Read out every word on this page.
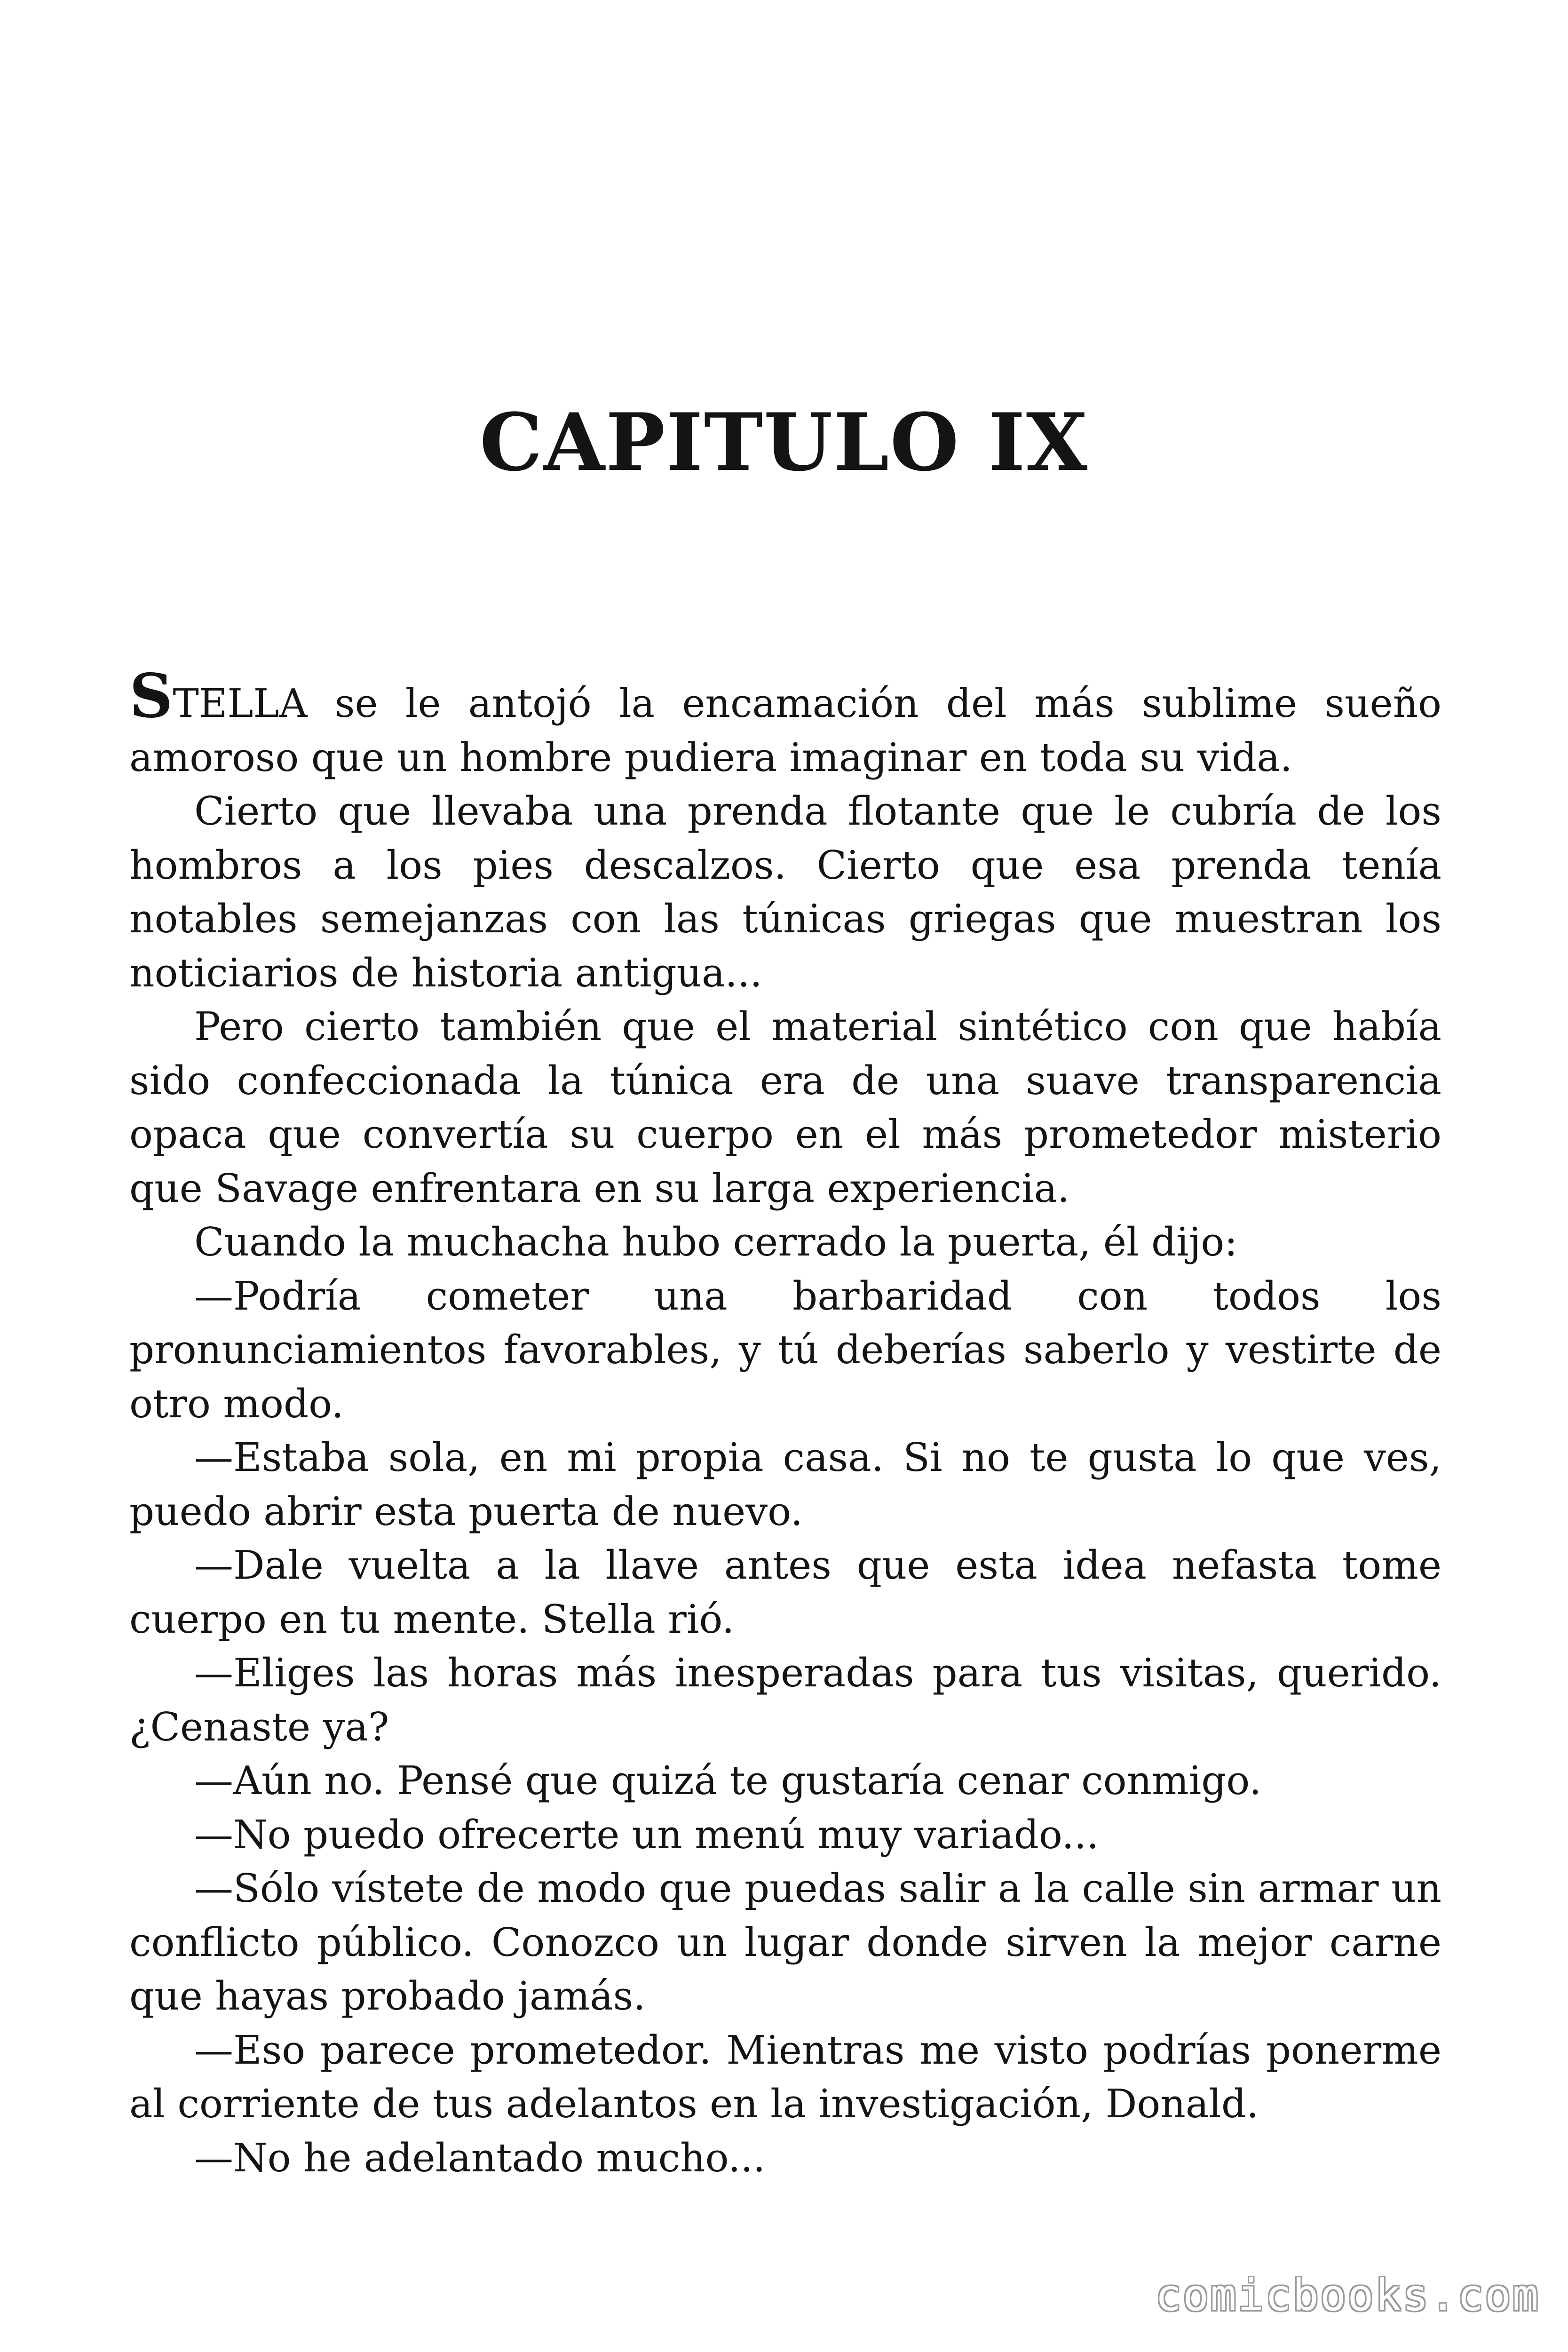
CAPITULO IX

STELLA se le antojó la encamación del más sublime sueño amoroso que un hombre pudiera imaginar en toda su vida.

Cierto que llevaba una prenda flotante que le cubría de los hombros a los pies descalzos. Cierto que esa prenda tenía notables semejanzas con las túnicas griegas que muestran los noticiarios de historia antigua...

Pero cierto también que el material sintético con que había sido confeccionada la túnica era de una suave transparencia opaca que convertía su cuerpo en el más prometedor misterio que Savage enfrentara en su larga experiencia.

Cuando la muchacha hubo cerrado la puerta, él dijo:

—Podría cometer una barbaridad con todos los pronunciamientos favorables, y tú deberías saberlo y vestirte de otro modo.

—Estaba sola, en mi propia casa. Si no te gusta lo que ves, puedo abrir esta puerta de nuevo.

—Dale vuelta a la llave antes que esta idea nefasta tome cuerpo en tu mente. Stella rió.

—Eliges las horas más inesperadas para tus visitas, querido. ¿Cenaste ya?

—Aún no. Pensé que quizá te gustaría cenar conmigo.

—No puedo ofrecerte un menú muy variado...

—Sólo vístete de modo que puedas salir a la calle sin armar un conflicto público. Conozco un lugar donde sirven la mejor carne que hayas probado jamás.

—Eso parece prometedor. Mientras me visto podrías ponerme al corriente de tus adelantos en la investigación, Donald.

—No he adelantado mucho...

comicbooks.com
